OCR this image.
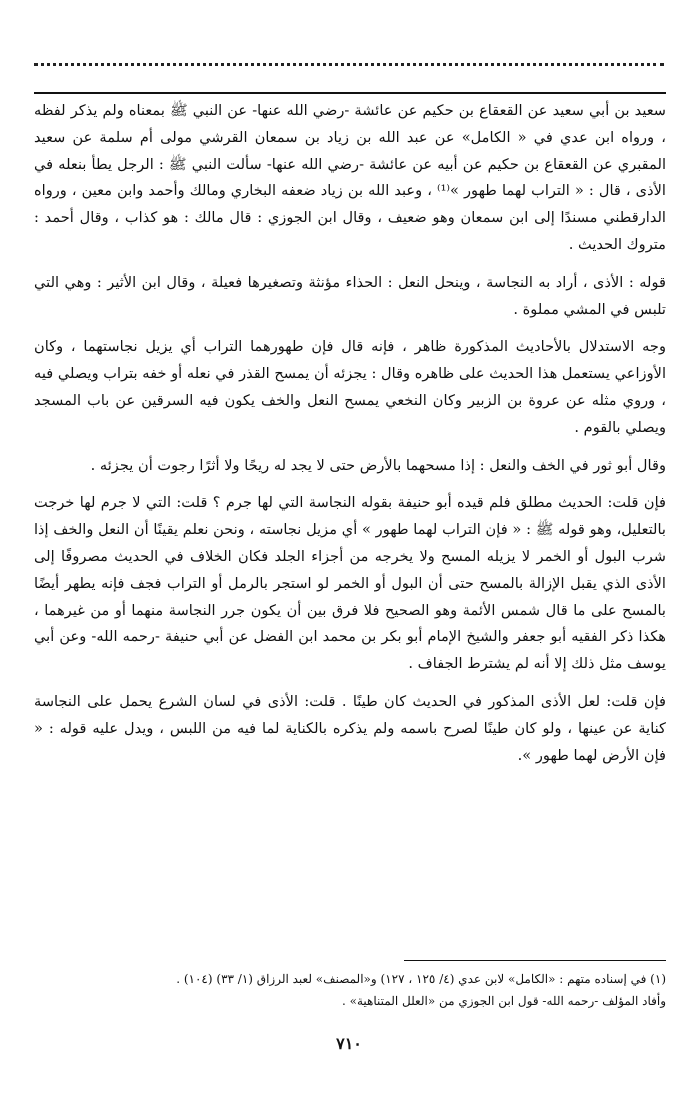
سعيد بن أبي سعيد عن القعقاع بن حكيم عن عائشة -رضي الله عنها- عن النبي ﷺ بمعناه ولم يذكر لفظه ، ورواه ابن عدي في « الكامل» عن عبد الله بن زياد بن سمعان القرشي مولى أم سلمة عن سعيد المقبري عن القعقاع بن حكيم عن أبيه عن عائشة -رضي الله عنها- سألت النبي ﷺ : الرجل يطأ بنعله في الأذى ، قال : « التراب لهما طهور »⁽¹⁾ ، وعبد الله بن زياد ضعفه البخاري ومالك وأحمد وابن معين ، ورواه الدارقطني مسندًا إلى ابن سمعان وهو ضعيف ، وقال ابن الجوزي : قال مالك : هو كذاب ، وقال أحمد : متروك الحديث .

قوله : الأذى ، أراد به النجاسة ، وينحل النعل : الحذاء مؤنثة وتصغيرها فعيلة ، وقال ابن الأثير : وهي التي تلبس في المشي مملوة .

وجه الاستدلال بالأحاديث المذكورة ظاهر ، فإنه قال فإن طهورهما التراب أي يزيل نجاستهما ، وكان الأوزاعي يستعمل هذا الحديث على ظاهره وقال : يجزئه أن يمسح القذر في نعله أو خفه بتراب ويصلي فيه ، وروي مثله عن عروة بن الزبير وكان النخعي يمسح النعل والخف يكون فيه السرقين عن باب المسجد ويصلي بالقوم .

وقال أبو ثور في الخف والنعل : إذا مسحهما بالأرض حتى لا يجد له ريحًا ولا أثرًا رجوت أن يجزئه .

فإن قلت: الحديث مطلق فلم قيده أبو حنيفة بقوله النجاسة التي لها جرم ؟ قلت: التي لا جرم لها خرجت بالتعليل، وهو قوله ﷺ : « فإن التراب لهما طهور » أي مزيل نجاسته ، ونحن نعلم يقينًا أن النعل والخف إذا شرب البول أو الخمر لا يزيله المسح ولا يخرجه من أجزاء الجلد فكان الخلاف في الحديث مصروفًا إلى الأذى الذي يقبل الإزالة بالمسح حتى أن البول أو الخمر لو استجر بالرمل أو التراب فجف فإنه يطهر أيضًا بالمسح على ما قال شمس الأئمة وهو الصحيح فلا فرق بين أن يكون جرر النجاسة منهما أو من غيرهما ، هكذا ذكر الفقيه أبو جعفر والشيخ الإمام أبو بكر بن محمد ابن الفضل عن أبي حنيفة -رحمه الله- وعن أبي يوسف مثل ذلك إلا أنه لم يشترط الجفاف .

فإن قلت: لعل الأذى المذكور في الحديث كان طينًا . قلت: الأذى في لسان الشرع يحمل على النجاسة كناية عن عينها ، ولو كان طينًا لصرح باسمه ولم يذكره بالكناية لما فيه من اللبس ، ويدل عليه قوله : « فإن الأرض لهما طهور ».

(١) في إسناده متهم : «الكامل» لابن عدي (٤/ ١٢٥ ، ١٢٧) و«المصنف» لعبد الرزاق (١/ ٣٣) (١٠٤) .

وأفاد المؤلف -رحمه الله- قول ابن الجوزي من «العلل المتناهية» .

٧١٠
